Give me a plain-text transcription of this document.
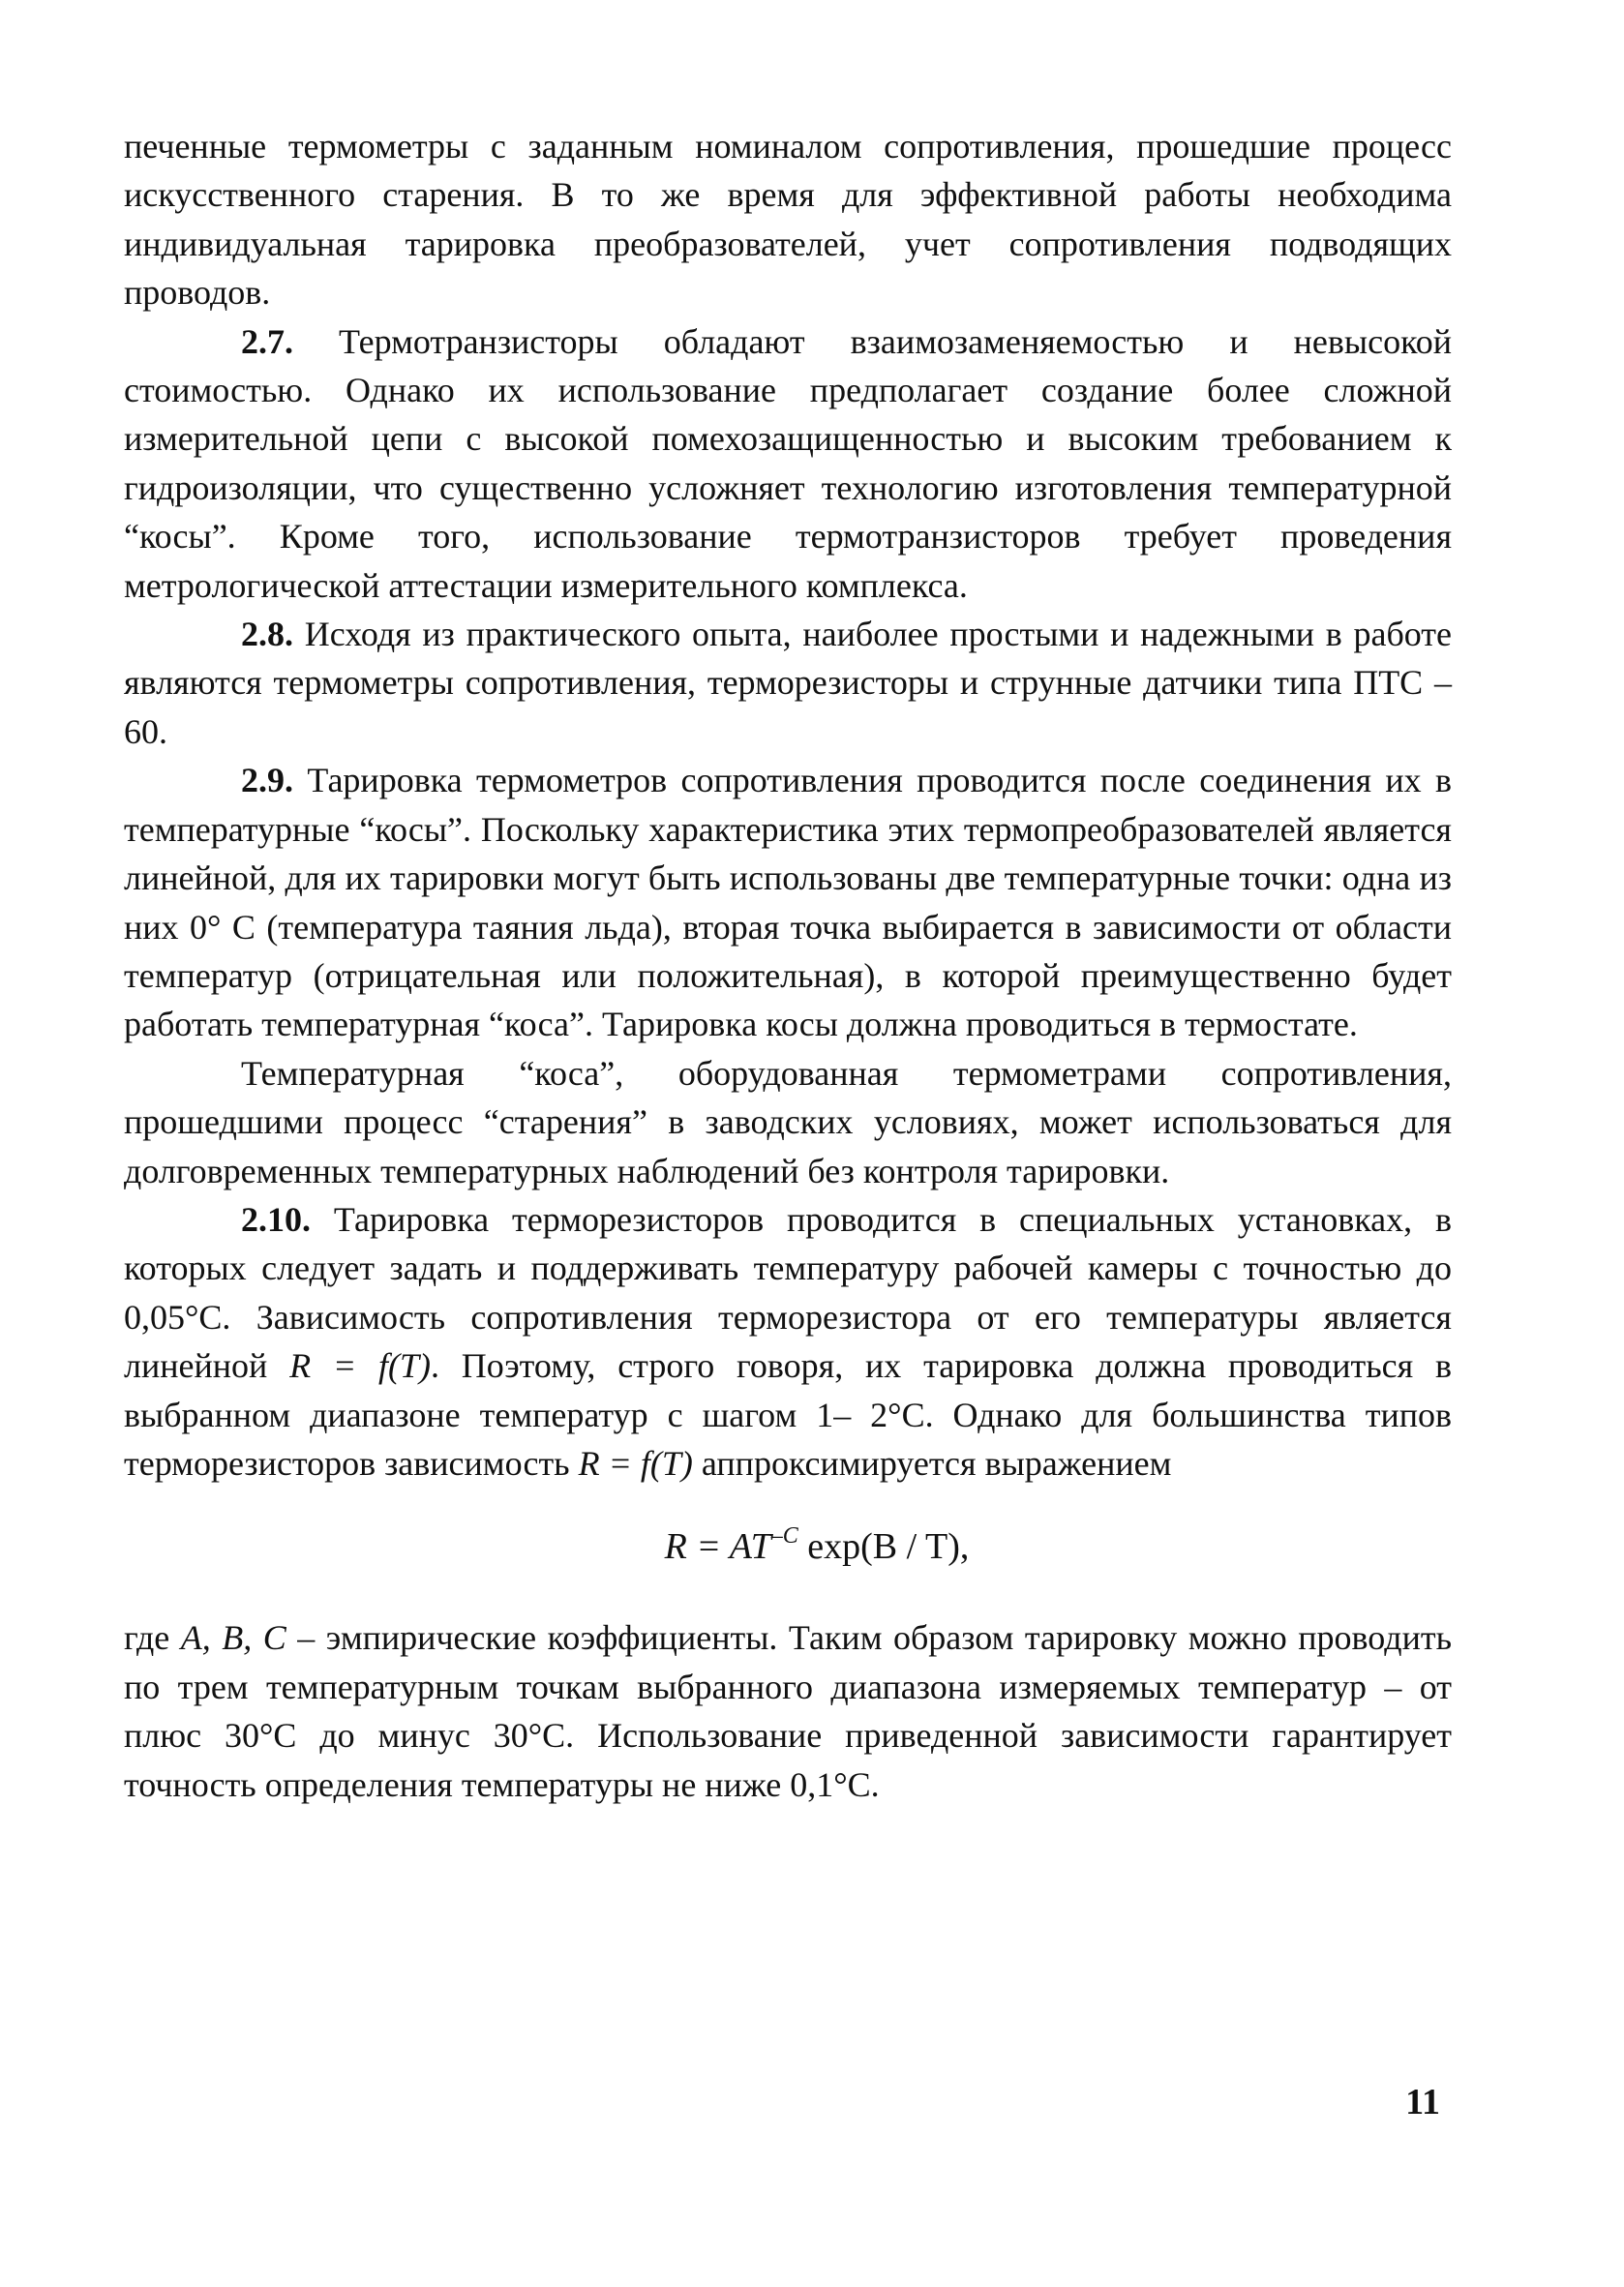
печенные термометры с заданным номиналом сопротивления, прошедшие процесс искусственного старения. В то же время для эффективной работы необходима индивидуальная тарировка преобразователей, учет сопротивления подводящих проводов.

2.7. Термотранзисторы обладают взаимозаменяемостью и невысокой стоимостью. Однако их использование предполагает создание более сложной измерительной цепи с высокой помехозащищенностью и высоким требованием к гидроизоляции, что существенно усложняет технологию изготовления температурной “косы”. Кроме того, использование термотранзисторов требует проведения метрологической аттестации измерительного комплекса.

2.8. Исходя из практического опыта, наиболее простыми и надежными в работе являются термометры сопротивления, терморезисторы и струнные датчики типа ПТС – 60.

2.9. Тарировка термометров сопротивления проводится после соединения их в температурные “косы”. Поскольку характеристика этих термопреобразователей является линейной, для их тарировки могут быть использованы две температурные точки: одна из них 0° С (температура таяния льда), вторая точка выбирается в зависимости от области температур (отрицательная или положительная), в которой преимущественно будет работать температурная “коса”. Тарировка косы должна проводиться в термостате.

Температурная “коса”, оборудованная термометрами сопротивления, прошедшими процесс “старения” в заводских условиях, может использоваться для долговременных температурных наблюдений без контроля тарировки.

2.10. Тарировка терморезисторов проводится в специальных установках, в которых следует задать и поддерживать температуру рабочей камеры с точностью до 0,05°С. Зависимость сопротивления терморезистора от его температуры является линейной R = f(T). Поэтому, строго говоря, их тарировка должна проводиться в выбранном диапазоне температур с шагом 1– 2°С. Однако для большинства типов терморезисторов зависимость R = f(T) аппроксимируется выражением

$R = AT^{-C}$ exp(B / T),

где A, B, C – эмпирические коэффициенты. Таким образом тарировку можно проводить по трем температурным точкам выбранного диапазона измеряемых температур – от плюс 30°С до минус 30°С. Использование приведенной зависимости гарантирует точность определения температуры не ниже 0,1°С.

11
